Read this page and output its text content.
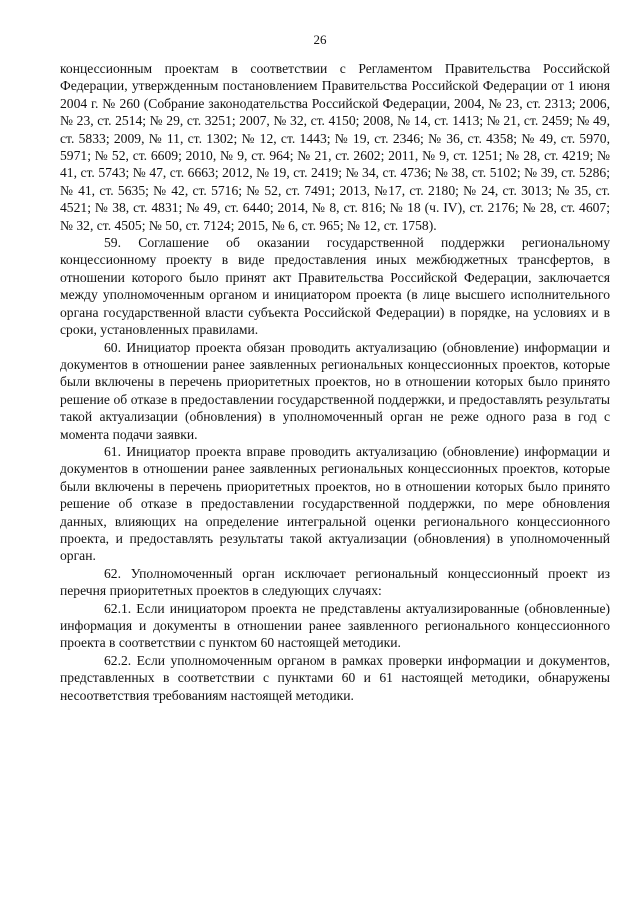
26

концессионным проектам в соответствии с Регламентом Правительства Российской Федерации, утвержденным постановлением Правительства Российской Федерации от 1 июня 2004 г. № 260 (Собрание законодательства Российской Федерации, 2004, № 23, ст. 2313; 2006, № 23, ст. 2514; № 29, ст. 3251; 2007, № 32, ст. 4150; 2008, № 14, ст. 1413; № 21, ст. 2459; № 49, ст. 5833; 2009, № 11, ст. 1302; № 12, ст. 1443; № 19, ст. 2346; № 36, ст. 4358; № 49, ст. 5970, 5971; № 52, ст. 6609; 2010, № 9, ст. 964; № 21, ст. 2602; 2011, № 9, ст. 1251; № 28, ст. 4219; № 41, ст. 5743; № 47, ст. 6663; 2012, № 19, ст. 2419; № 34, ст. 4736; № 38, ст. 5102; № 39, ст. 5286; № 41, ст. 5635; № 42, ст. 5716; № 52, ст. 7491; 2013, №17, ст. 2180; № 24, ст. 3013; № 35, ст. 4521; № 38, ст. 4831; № 49, ст. 6440; 2014, № 8, ст. 816; № 18 (ч. IV), ст. 2176; № 28, ст. 4607; № 32, ст. 4505; № 50, ст. 7124; 2015, № 6, ст. 965; № 12, ст. 1758).

59. Соглашение об оказании государственной поддержки региональному концессионному проекту в виде предоставления иных межбюджетных трансфертов, в отношении которого было принят акт Правительства Российской Федерации, заключается между уполномоченным органом и инициатором проекта (в лице высшего исполнительного органа государственной власти субъекта Российской Федерации) в порядке, на условиях и в сроки, установленных правилами.

60. Инициатор проекта обязан проводить актуализацию (обновление) информации и документов в отношении ранее заявленных региональных концессионных проектов, которые были включены в перечень приоритетных проектов, но в отношении которых было принято решение об отказе в предоставлении государственной поддержки, и предоставлять результаты такой актуализации (обновления) в уполномоченный орган не реже одного раза в год с момента подачи заявки.

61. Инициатор проекта вправе проводить актуализацию (обновление) информации и документов в отношении ранее заявленных региональных концессионных проектов, которые были включены в перечень приоритетных проектов, но в отношении которых было принято решение об отказе в предоставлении государственной поддержки, по мере обновления данных, влияющих на определение интегральной оценки регионального концессионного проекта, и предоставлять результаты такой актуализации (обновления) в уполномоченный орган.

62. Уполномоченный орган исключает региональный концессионный проект из перечня приоритетных проектов в следующих случаях:

62.1. Если инициатором проекта не представлены актуализированные (обновленные) информация и документы в отношении ранее заявленного регионального концессионного проекта в соответствии с пунктом 60 настоящей методики.

62.2. Если уполномоченным органом в рамках проверки информации и документов, представленных в соответствии с пунктами 60 и 61 настоящей методики, обнаружены несоответствия требованиям настоящей методики.
